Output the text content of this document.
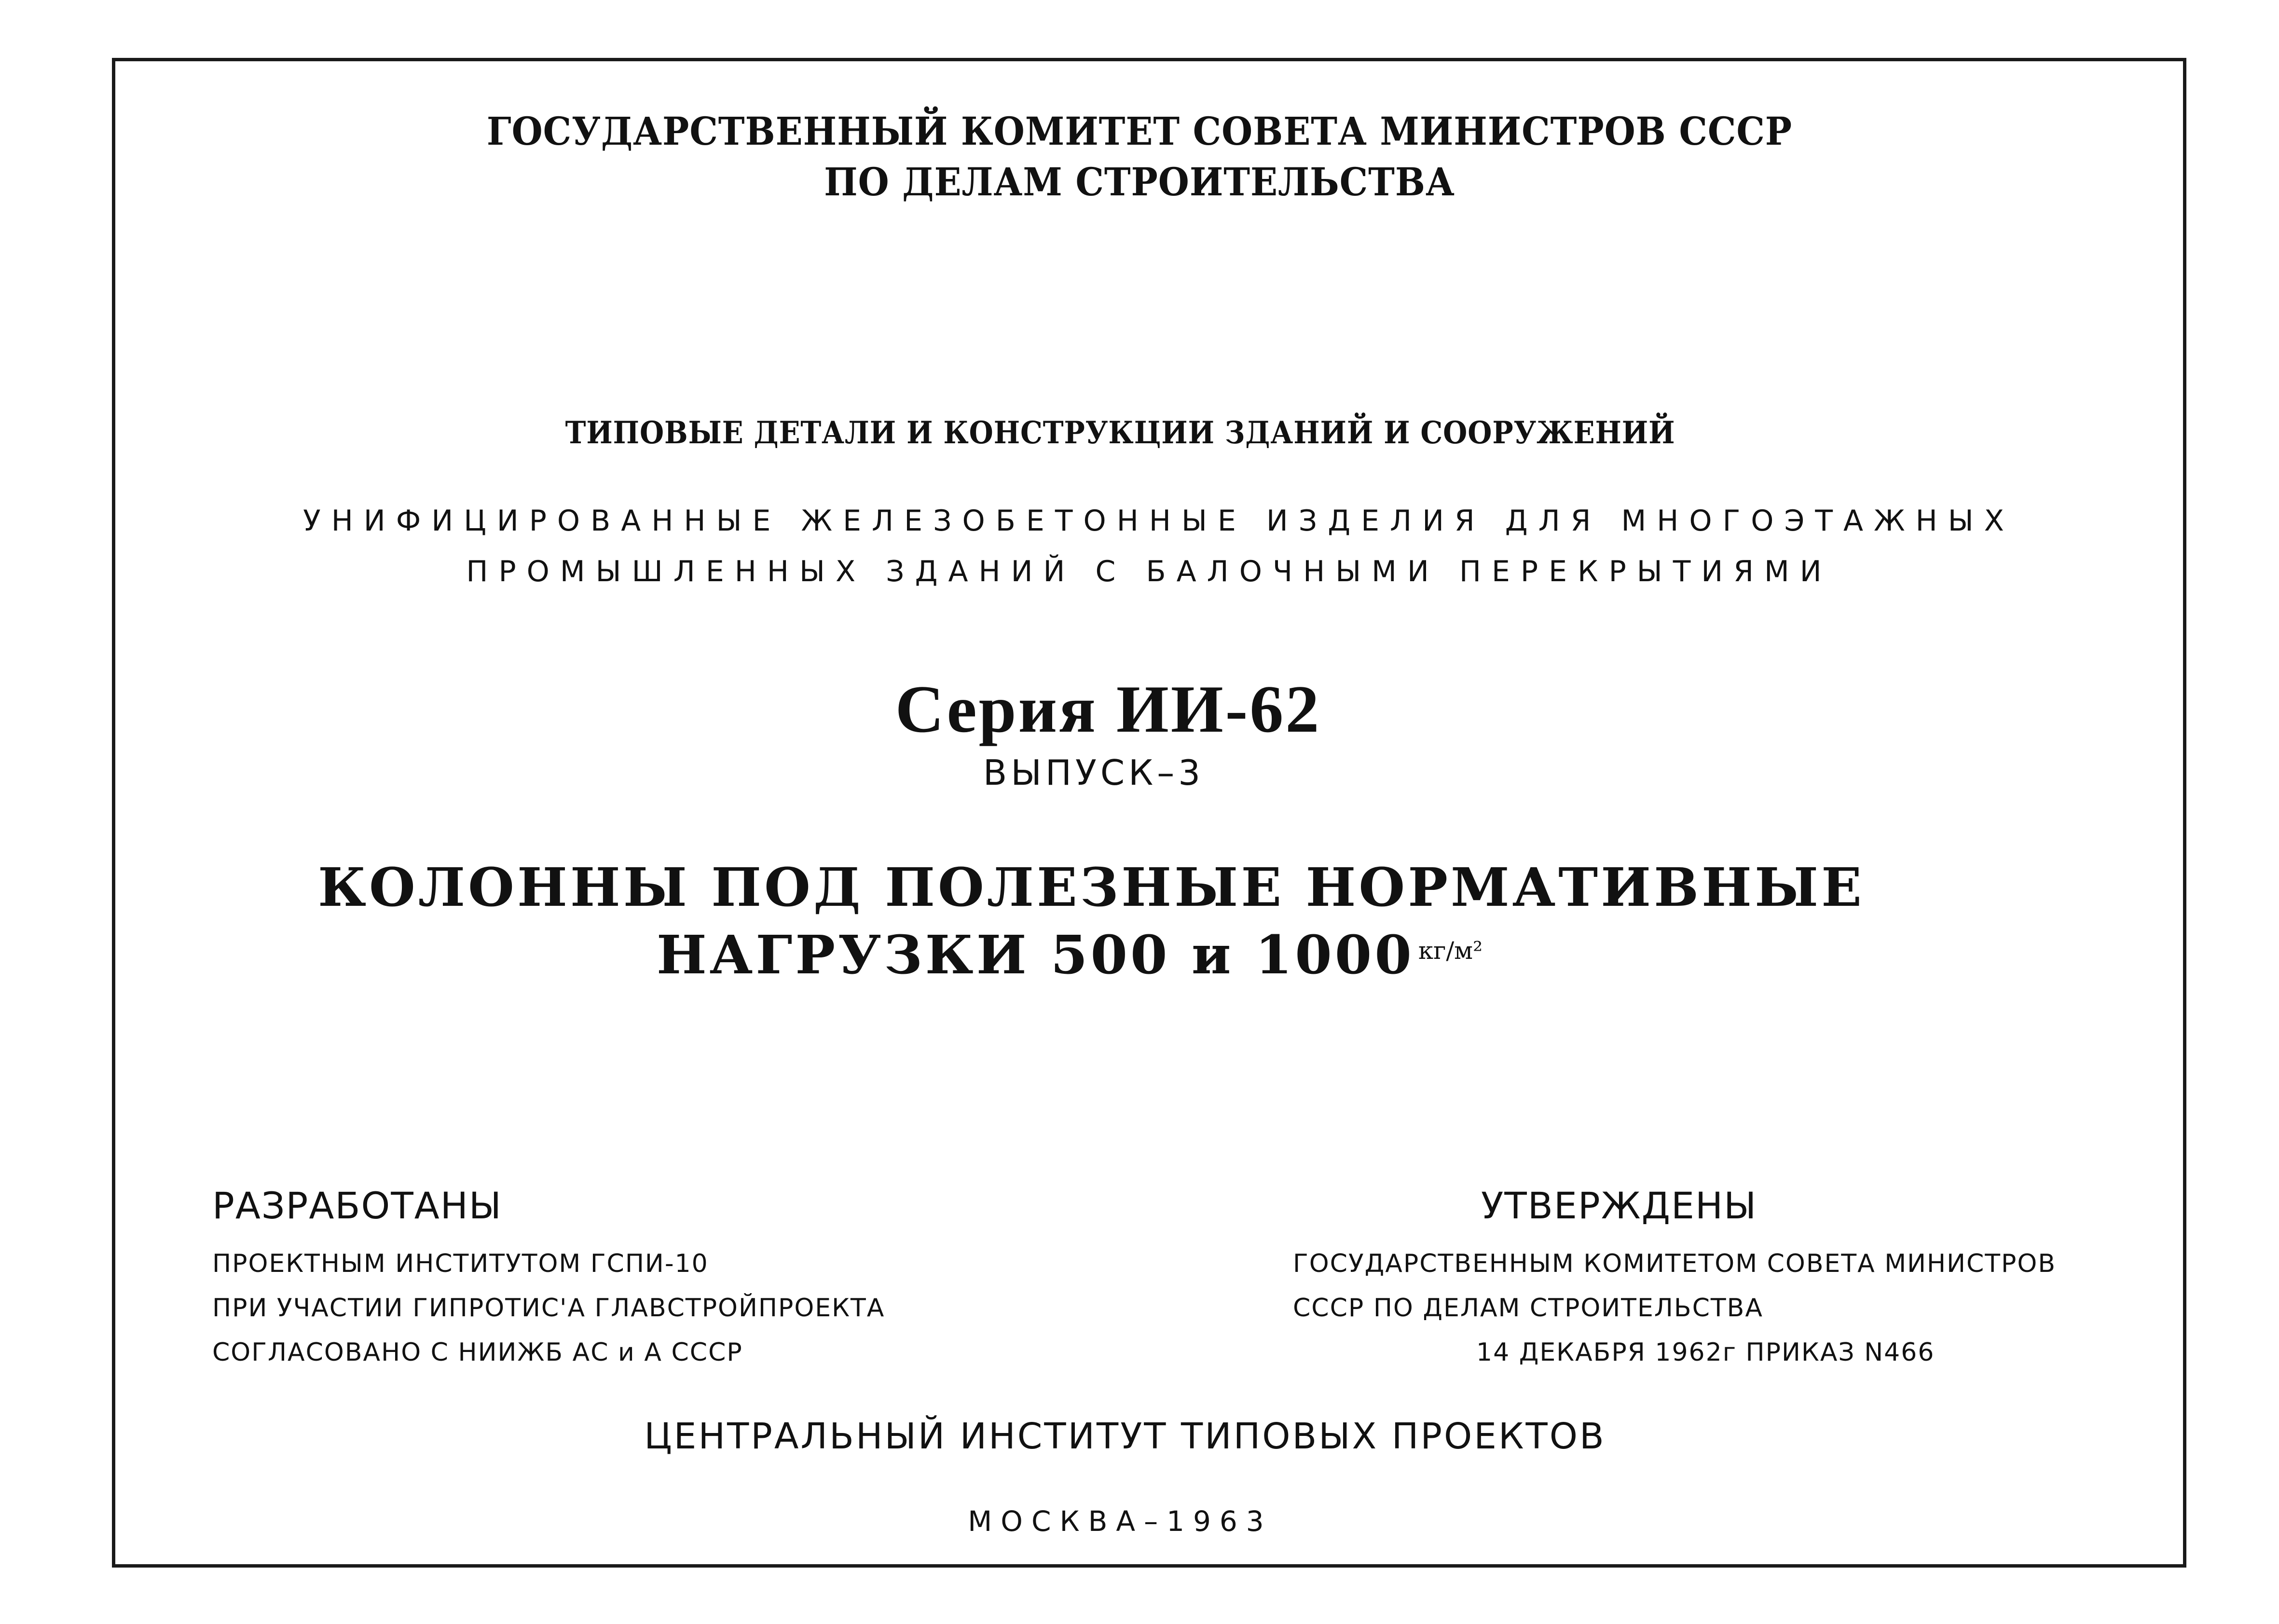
ГОСУДАРСТВЕННЫЙ КОМИТЕТ СОВЕТА МИНИСТРОВ СССР
ПО ДЕЛАМ СТРОИТЕЛЬСТВА
ТИПОВЫЕ ДЕТАЛИ И КОНСТРУКЦИИ ЗДАНИЙ И СООРУЖЕНИЙ
УНИФИЦИРОВАННЫЕ ЖЕЛЕЗОБЕТОННЫЕ ИЗДЕЛИЯ ДЛЯ МНОГОЭТАЖНЫХ
ПРОМЫШЛЕННЫХ ЗДАНИЙ С БАЛОЧНЫМИ ПЕРЕКРЫТИЯМИ
Серия ИИ-62
ВЫПУСК–3
КОЛОННЫ ПОД ПОЛЕЗНЫЕ НОРМАТИВНЫЕ
НАГРУЗКИ 500 и 1000 кг/м²
РАЗРАБОТАНЫ
ПРОЕКТНЫМ ИНСТИТУТОМ ГСПИ-10
ПРИ УЧАСТИИ ГИПРОТИС'А ГЛАВСТРОЙПРОЕКТА
СОГЛАСОВАНО С НИИЖБ АС и А СССР
УТВЕРЖДЕНЫ
ГОСУДАРСТВЕННЫМ КОМИТЕТОМ СОВЕТА МИНИСТРОВ
СССР ПО ДЕЛАМ СТРОИТЕЛЬСТВА
14 ДЕКАБРЯ 1962г ПРИКАЗ N466
ЦЕНТРАЛЬНЫЙ ИНСТИТУТ ТИПОВЫХ ПРОЕКТОВ
МОСКВА–1963
